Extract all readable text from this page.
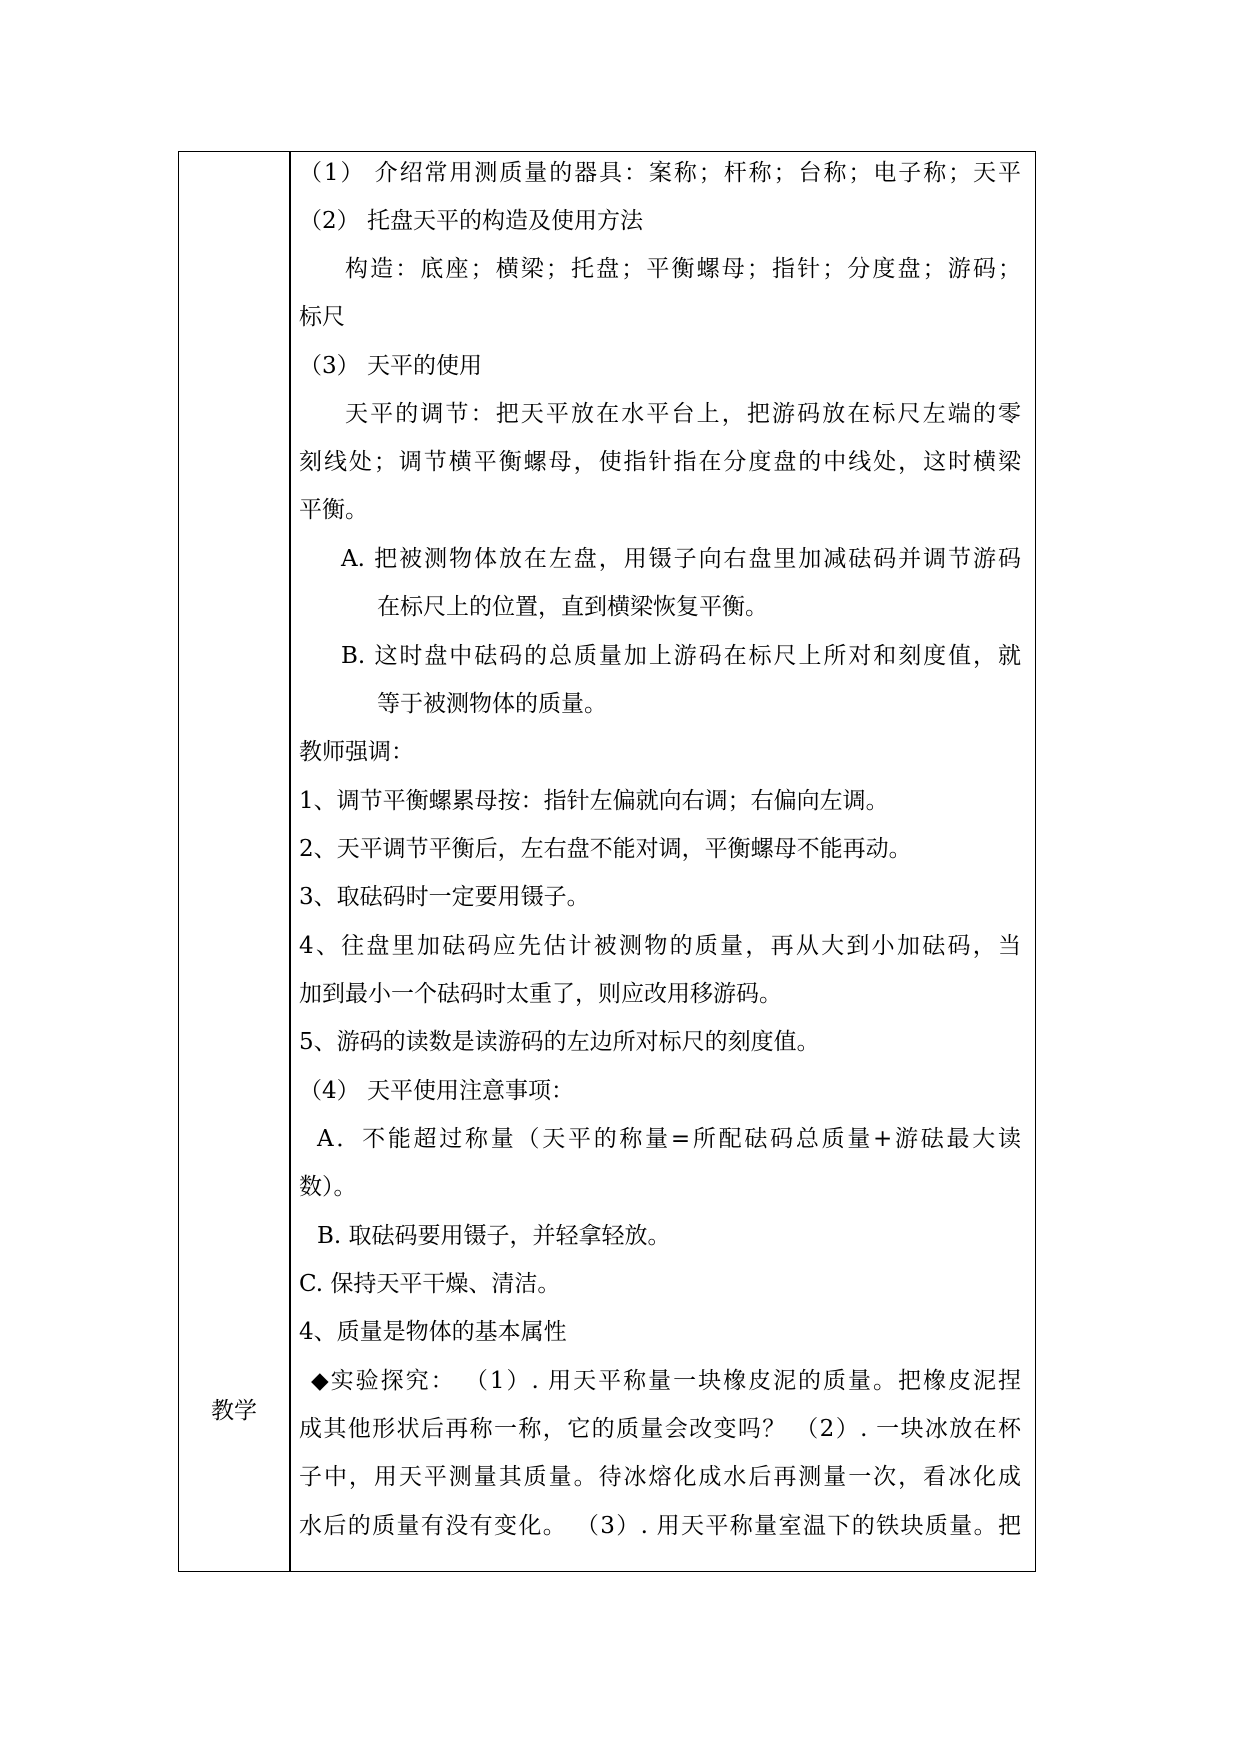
教学
（1） 介绍常用测质量的器具：案称；杆称；台称；电子称；天平
（2） 托盘天平的构造及使用方法
构造：底座；横梁；托盘；平衡螺母；指针；分度盘；游码；
标尺
（3） 天平的使用
天平的调节：把天平放在水平台上，把游码放在标尺左端的零
刻线处；调节横平衡螺母，使指针指在分度盘的中线处，这时横梁
平衡。
A. 把被测物体放在左盘，用镊子向右盘里加减砝码并调节游码
在标尺上的位置，直到横梁恢复平衡。
B. 这时盘中砝码的总质量加上游码在标尺上所对和刻度值，就
等于被测物体的质量。
教师强调：
1、调节平衡螺累母按：指针左偏就向右调；右偏向左调。
2、天平调节平衡后，左右盘不能对调，平衡螺母不能再动。
3、取砝码时一定要用镊子。
4、往盘里加砝码应先估计被测物的质量，再从大到小加砝码，当
加到最小一个砝码时太重了，则应改用移游码。
5、游码的读数是读游码的左边所对标尺的刻度值。
（4） 天平使用注意事项：
A．不能超过称量（天平的称量=所配砝码总质量+游砝最大读
数）。
B. 取砝码要用镊子，并轻拿轻放。
C. 保持天平干燥、清洁。
4、质量是物体的基本属性
◆实验探究： （1）. 用天平称量一块橡皮泥的质量。把橡皮泥捏
成其他形状后再称一称，它的质量会改变吗？ （2）. 一块冰放在杯
子中，用天平测量其质量。待冰熔化成水后再测量一次，看冰化成
水后的质量有没有变化。 （3）. 用天平称量室温下的铁块质量。把
